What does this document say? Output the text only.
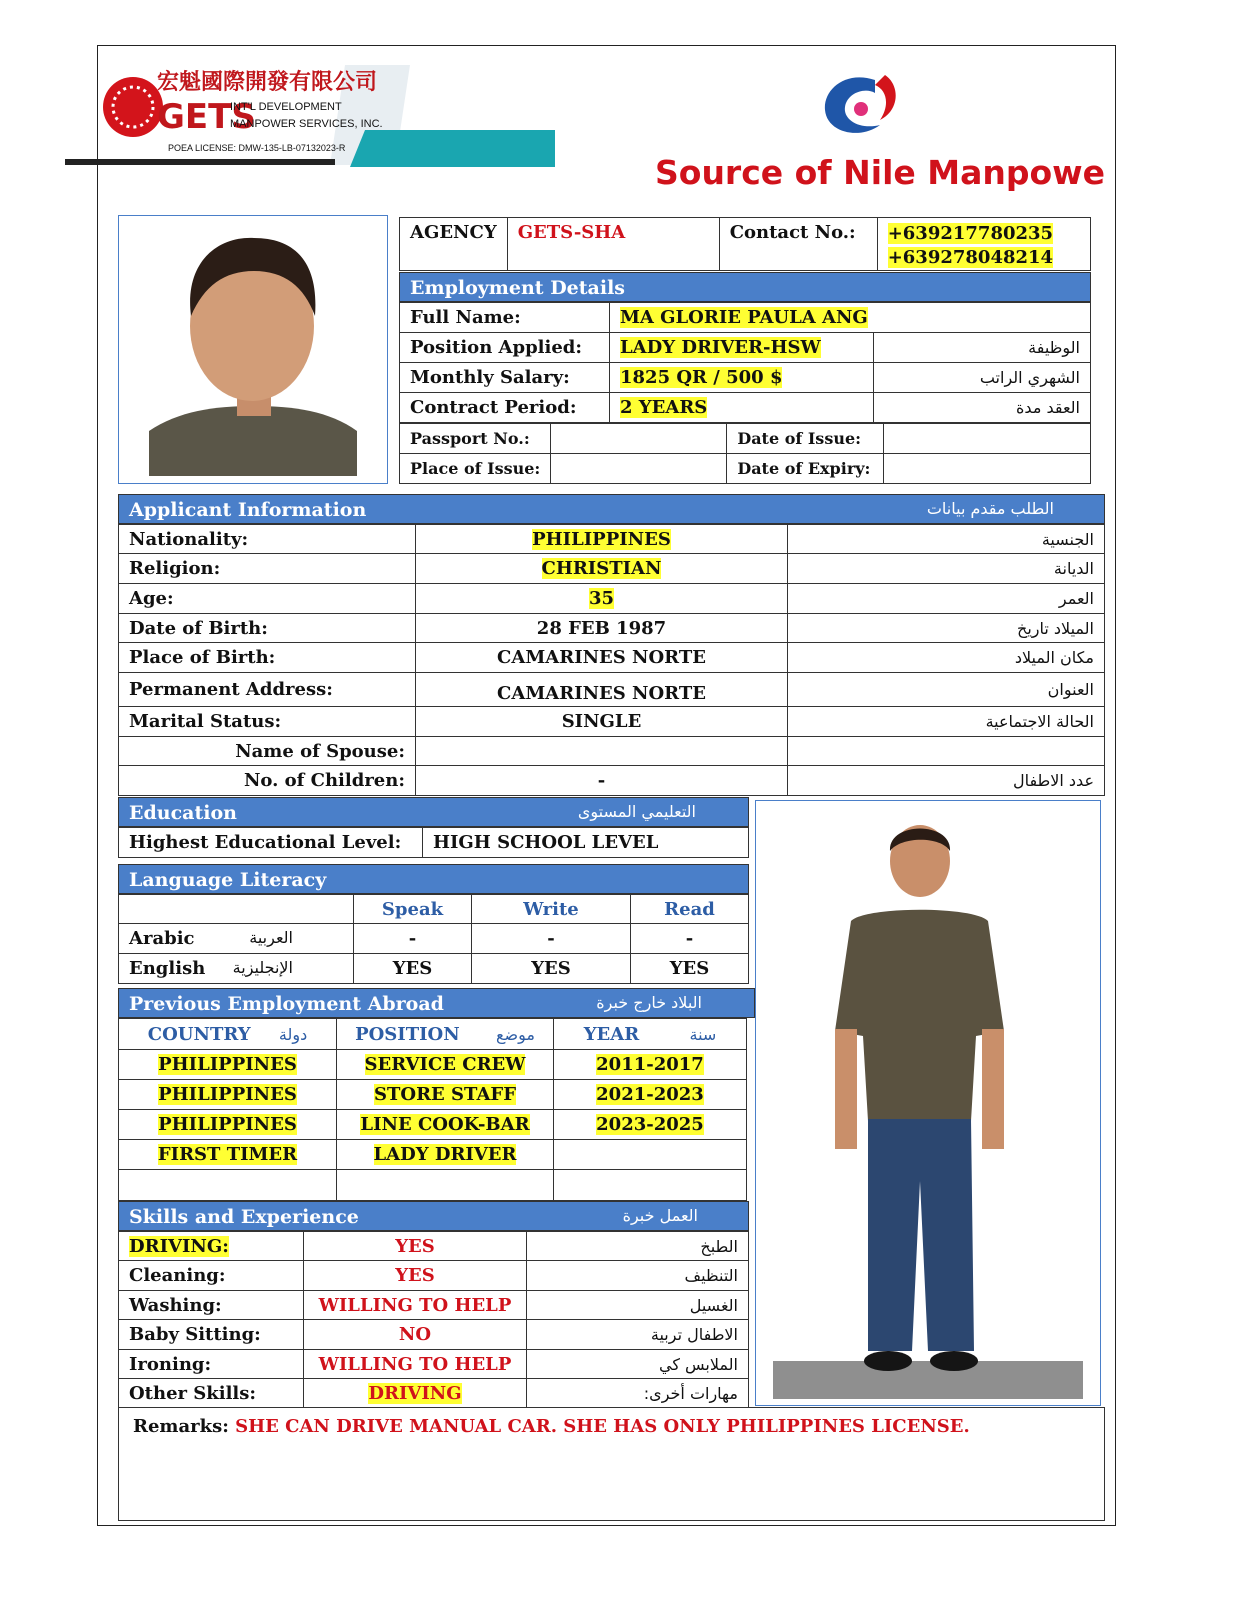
宏魁國際開發有限公司
GETS
INT'L DEVELOPMENT
MANPOWER SERVICES, INC.
POEA LICENSE: DMW-135-LB-07132023-R
Source of Nile Manpowe
AGENCY	GETS-SHA	Contact No.:	+639217780235
+639278048214
Employment Details
Full Name:	MA GLORIE PAULA ANG	
Position Applied:	LADY DRIVER-HSW	الوظيفة
Monthly Salary:	1825 QR / 500 $	الشهري الراتب
Contract Period:	2 YEARS	العقد مدة
Passport No.:		Date of Issue:	
Place of Issue:		Date of Expiry:	
Applicant Information	الطلب مقدم بيانات
Nationality:	PHILIPPINES	الجنسية
Religion:	CHRISTIAN	الديانة
Age:	35	العمر
Date of Birth:	28 FEB 1987	الميلاد تاريخ
Place of Birth:	CAMARINES NORTE	مكان الميلاد
Permanent Address:	CAMARINES NORTE	العنوان
Marital Status:	SINGLE	الحالة الاجتماعية
Name of Spouse:		
No. of Children:	-	عدد الاطفال
Education	التعليمي المستوى
Highest Educational Level:	HIGH SCHOOL LEVEL
Language Literacy
	Speak	Write	Read
Arabic العربية	-	-	-
English الإنجليزية	YES	YES	YES
Previous Employment Abroad	البلاد خارج خبرة
COUNTRY دولة	POSITION موضع	YEAR سنة
PHILIPPINES	SERVICE CREW	2011-2017
PHILIPPINES	STORE STAFF	2021-2023
PHILIPPINES	LINE COOK-BAR	2023-2025
FIRST TIMER	LADY DRIVER	

Skills and Experience	العمل خبرة
DRIVING:	YES	الطبخ
Cleaning:	YES	التنظيف
Washing:	WILLING TO HELP	الغسيل
Baby Sitting:	NO	الاطفال تربية
Ironing:	WILLING TO HELP	الملابس كي
Other Skills:	DRIVING	مهارات أخرى:
Remarks: SHE CAN DRIVE MANUAL CAR. SHE HAS ONLY PHILIPPINES LICENSE.
